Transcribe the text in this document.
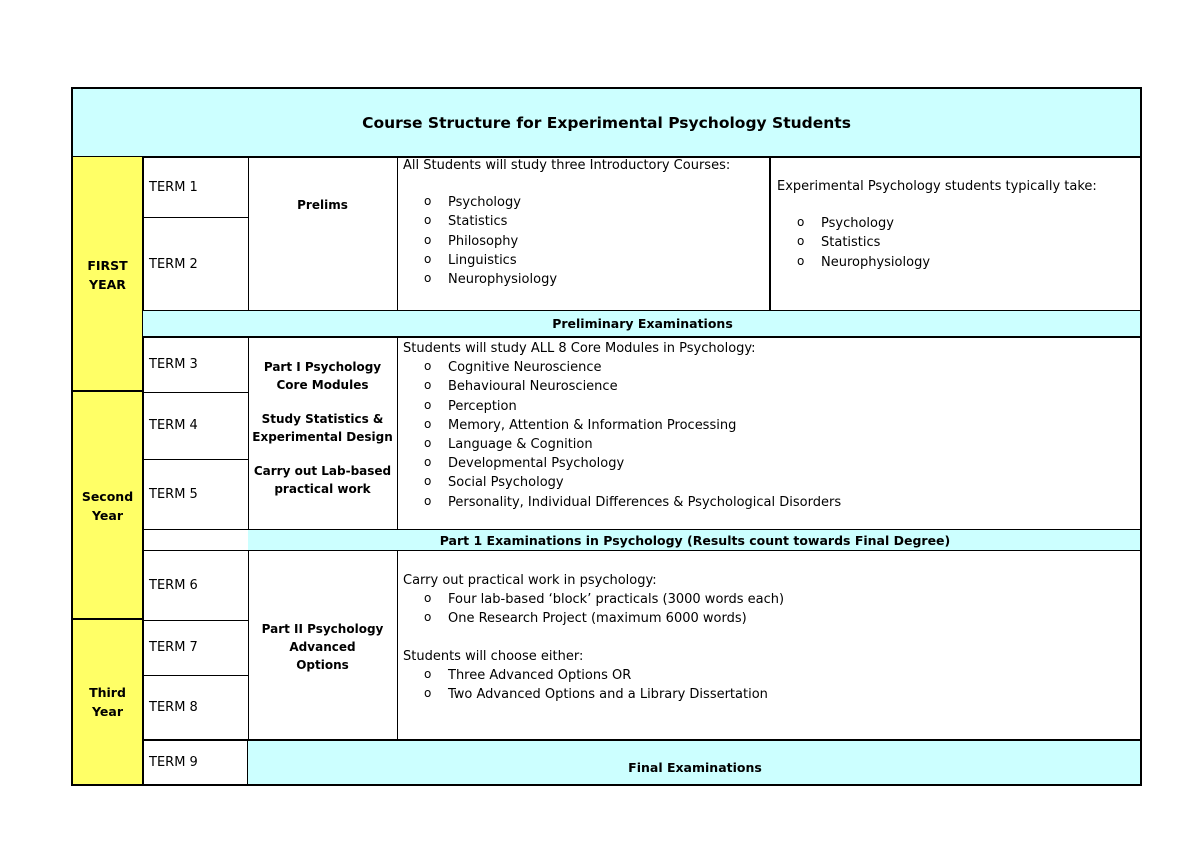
Course Structure for Experimental Psychology Students
FIRST
YEAR
Second
Year
Third
Year
TERM 1
TERM 2
TERM 3
TERM 4
TERM 5
TERM 6
TERM 7
TERM 8
TERM 9
Prelims
All Students will study three Introductory Courses:
o Psychology
o Statistics
o Philosophy
o Linguistics
o Neurophysiology
Experimental Psychology students typically take:
o Psychology
o Statistics
o Neurophysiology
Preliminary Examinations
Part I Psychology
Core Modules
Study Statistics &
Experimental Design
Carry out Lab-based
practical work
Students will study ALL 8 Core Modules in Psychology:
o Cognitive Neuroscience
o Behavioural Neuroscience
o Perception
o Memory, Attention & Information Processing
o Language & Cognition
o Developmental Psychology
o Social Psychology
o Personality, Individual Differences & Psychological Disorders
Part 1 Examinations in Psychology (Results count towards Final Degree)
Part II Psychology
Advanced
Options
Carry out practical work in psychology:
o Four lab-based ‘block’ practicals (3000 words each)
o One Research Project (maximum 6000 words)
Students will choose either:
o Three Advanced Options OR
o Two Advanced Options and a Library Dissertation
Final Examinations
